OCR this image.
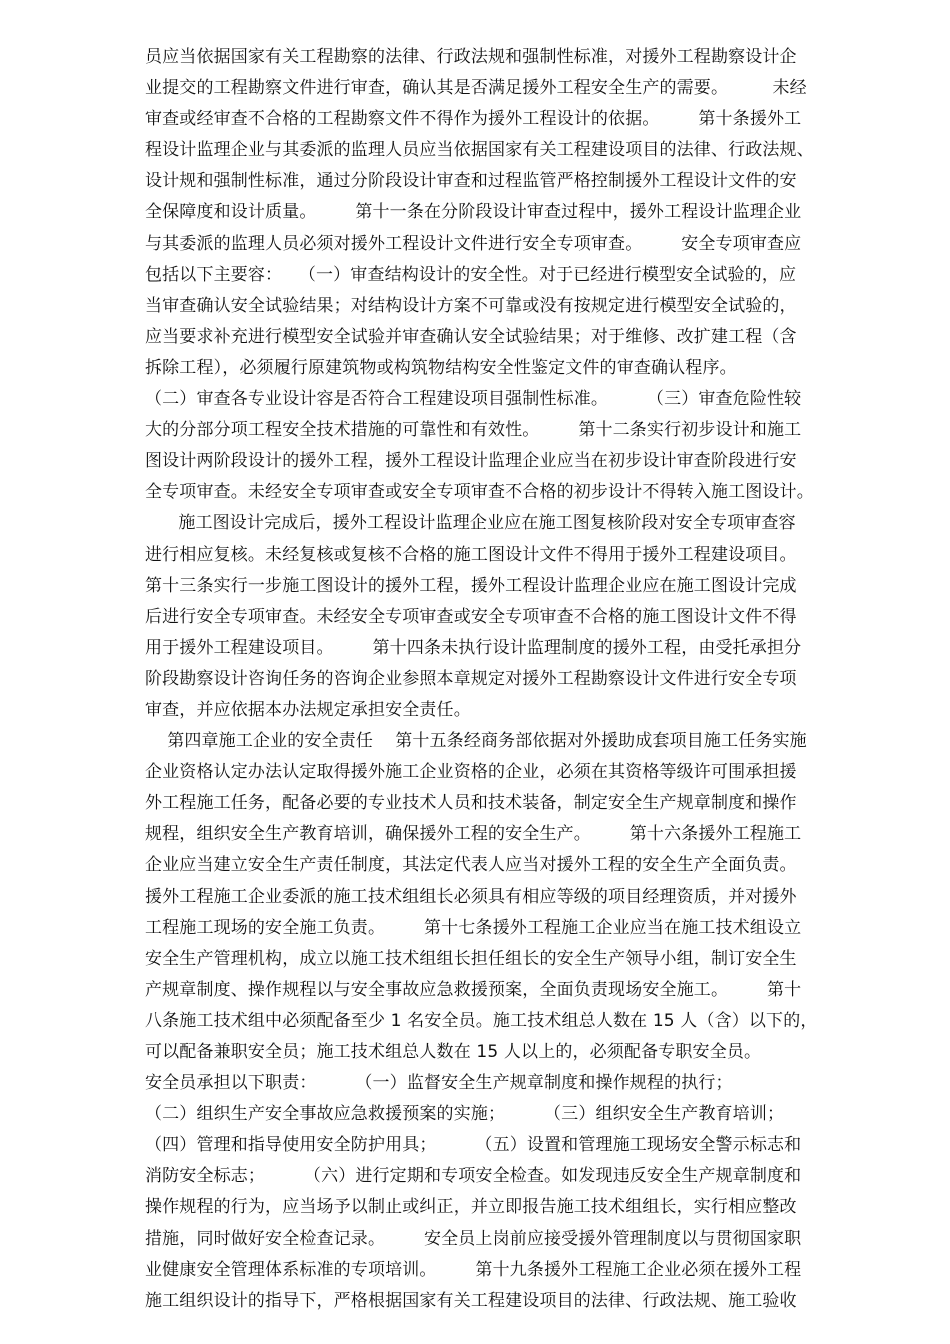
员应当依据国家有关工程勘察的法律、行政法规和强制性标准，对援外工程勘察设计企
业提交的工程勘察文件进行审查，确认其是否满足援外工程安全生产的需要。        未经
审查或经审查不合格的工程勘察文件不得作为援外工程设计的依据。       第十条援外工
程设计监理企业与其委派的监理人员应当依据国家有关工程建设项目的法律、行政法规、
设计规和强制性标准，通过分阶段设计审查和过程监管严格控制援外工程设计文件的安
全保障度和设计质量。       第十一条在分阶段设计审查过程中，援外工程设计监理企业
与其委派的监理人员必须对援外工程设计文件进行安全专项审查。       安全专项审查应
包括以下主要容：   （一）审查结构设计的安全性。对于已经进行模型安全试验的，应
当审查确认安全试验结果；对结构设计方案不可靠或没有按规定进行模型安全试验的，
应当要求补充进行模型安全试验并审查确认安全试验结果；对于维修、改扩建工程（含
拆除工程），必须履行原建筑物或构筑物结构安全性鉴定文件的审查确认程序。
（二）审查各专业设计容是否符合工程建设项目强制性标准。       （三）审查危险性较
大的分部分项工程安全技术措施的可靠性和有效性。       第十二条实行初步设计和施工
图设计两阶段设计的援外工程，援外工程设计监理企业应当在初步设计审查阶段进行安
全专项审查。未经安全专项审查或安全专项审查不合格的初步设计不得转入施工图设计。
施工图设计完成后，援外工程设计监理企业应在施工图复核阶段对安全专项审查容
进行相应复核。未经复核或复核不合格的施工图设计文件不得用于援外工程建设项目。
第十三条实行一步施工图设计的援外工程，援外工程设计监理企业应在施工图设计完成
后进行安全专项审查。未经安全专项审查或安全专项审查不合格的施工图设计文件不得
用于援外工程建设项目。       第十四条未执行设计监理制度的援外工程，由受托承担分
阶段勘察设计咨询任务的咨询企业参照本章规定对援外工程勘察设计文件进行安全专项
审查，并应依据本办法规定承担安全责任。
第四章施工企业的安全责任    第十五条经商务部依据对外援助成套项目施工任务实施
企业资格认定办法认定取得援外施工企业资格的企业，必须在其资格等级许可围承担援
外工程施工任务，配备必要的专业技术人员和技术装备，制定安全生产规章制度和操作
规程，组织安全生产教育培训，确保援外工程的安全生产。       第十六条援外工程施工
企业应当建立安全生产责任制度，其法定代表人应当对援外工程的安全生产全面负责。
援外工程施工企业委派的施工技术组组长必须具有相应等级的项目经理资质，并对援外
工程施工现场的安全施工负责。       第十七条援外工程施工企业应当在施工技术组设立
安全生产管理机构，成立以施工技术组组长担任组长的安全生产领导小组，制订安全生
产规章制度、操作规程以与安全事故应急救援预案，全面负责现场安全施工。       第十
八条施工技术组中必须配备至少 1 名安全员。施工技术组总人数在 15 人（含）以下的，
可以配备兼职安全员；施工技术组总人数在 15 人以上的，必须配备专职安全员。
安全员承担以下职责：       （一）监督安全生产规章制度和操作规程的执行；
（二）组织生产安全事故应急救援预案的实施；       （三）组织安全生产教育培训；
（四）管理和指导使用安全防护用具；       （五）设置和管理施工现场安全警示标志和
消防安全标志；       （六）进行定期和专项安全检查。如发现违反安全生产规章制度和
操作规程的行为，应当场予以制止或纠正，并立即报告施工技术组组长，实行相应整改
措施，同时做好安全检查记录。       安全员上岗前应接受援外管理制度以与贯彻国家职
业健康安全管理体系标准的专项培训。       第十九条援外工程施工企业必须在援外工程
施工组织设计的指导下，严格根据国家有关工程建设项目的法律、行政法规、施工验收
